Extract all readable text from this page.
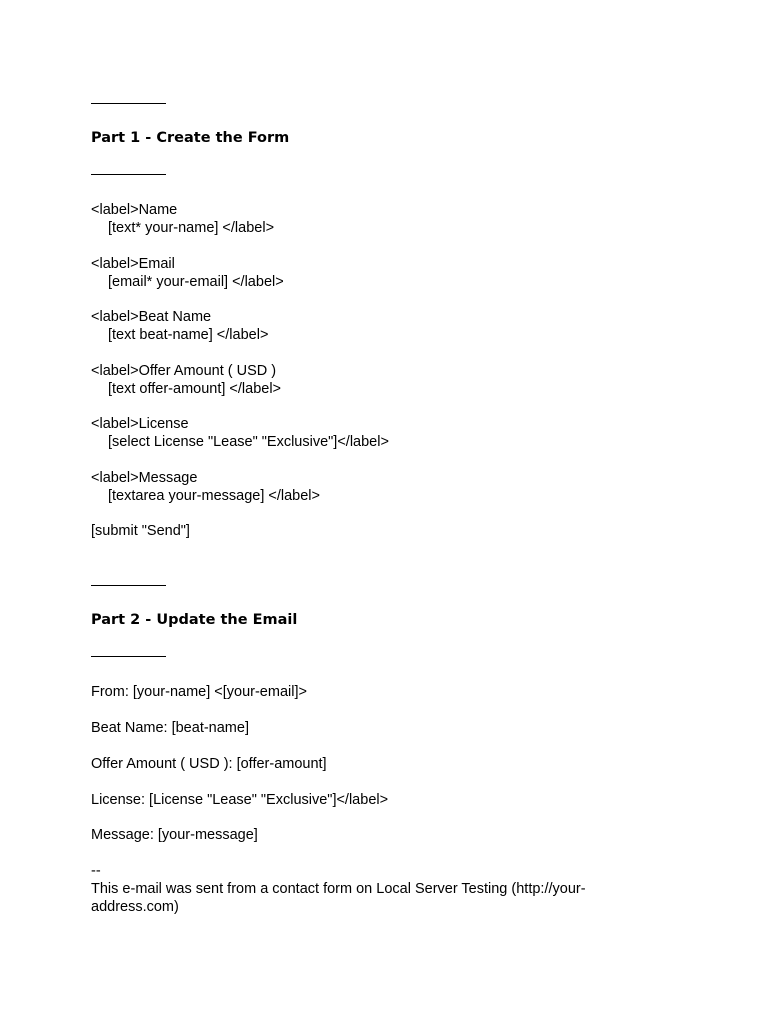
Part 1 - Create the Form
<label>Name
[text* your-name] </label>
<label>Email
[email* your-email] </label>
<label>Beat Name
[text beat-name] </label>
<label>Offer Amount ( USD )
[text offer-amount] </label>
<label>License
[select License "Lease" "Exclusive"]</label>
<label>Message
[textarea your-message] </label>
[submit "Send"]
Part 2 - Update the Email
From: [your-name] <[your-email]>
Beat Name: [beat-name]
Offer Amount ( USD ): [offer-amount]
License: [License "Lease" "Exclusive"]</label>
Message: [your-message]
--
This e-mail was sent from a contact form on Local Server Testing (http://your-address.com)
